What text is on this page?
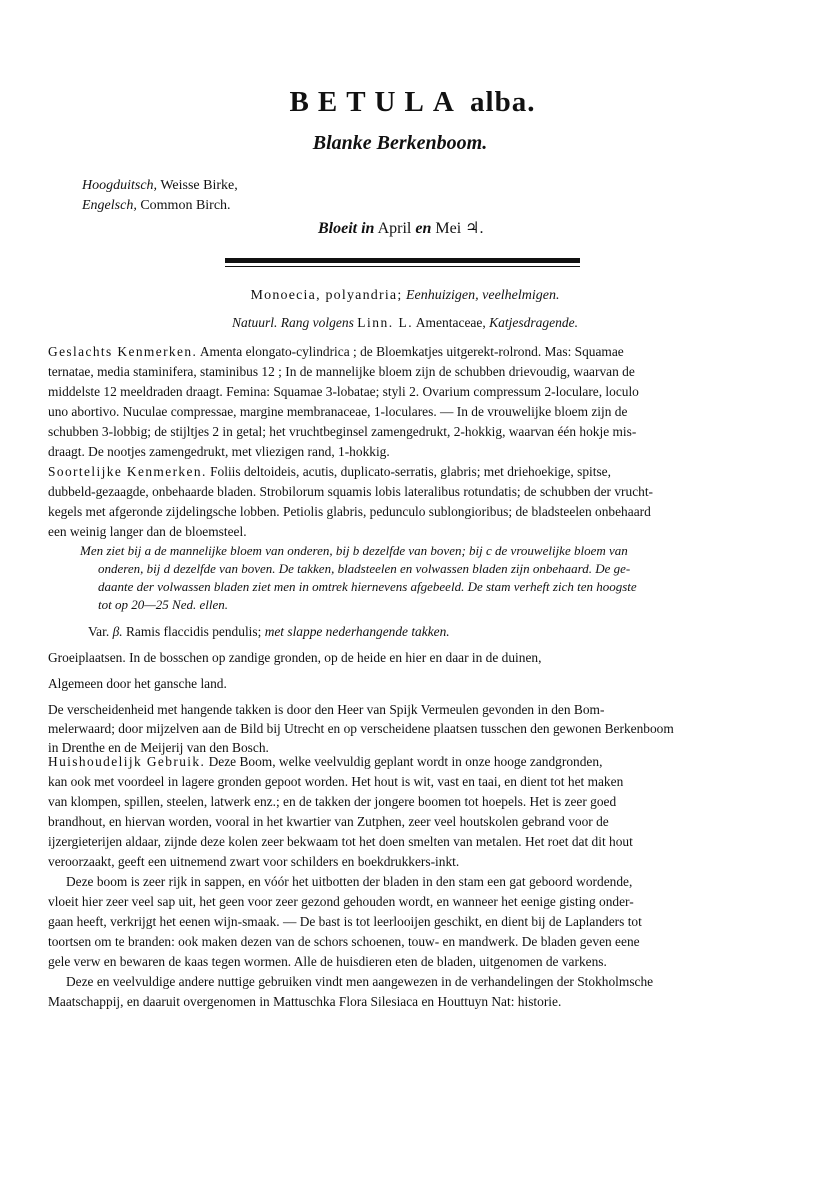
BETULA alba.
Blanke Berkenboom.
Hoogduitsch, Weisse Birke,
Engelsch, Common Birch.
Bloeit in April en Mei ♃.
Monoecia, polyandria; Eenhuizigen, veelhelmigen.
Natuurl. Rang volgens Linn. L. Amentaceae, Katjesdragende.
Geslachts Kenmerken. Amenta elongato-cylindrica ; de Bloemkatjes uitgerekt-rolrond. Mas: Squamae
ternatae, media staminifera, staminibus 12 ; In de mannelijke bloem zijn de schubben drievoudig, waarvan de
middelste 12 meeldraden draagt. Femina: Squamae 3-lobatae; styli 2. Ovarium compressum 2-loculare, loculo
uno abortivo. Nuculae compressae, margine membranaceae, 1-loculares. — In de vrouwelijke bloem zijn de
schubben 3-lobbig; de stijltjes 2 in getal; het vruchtbeginsel zamengedrukt, 2-hokkig, waarvan één hokje mis-
draagt. De nootjes zamengedrukt, met vliezigen rand, 1-hokkig.
Soortelijke Kenmerken. Foliis deltoideis, acutis, duplicato-serratis, glabris; met driehoekige, spitse,
dubbeld-gezaagde, onbehaarde bladen. Strobilorum squamis lobis lateralibus rotundatis; de schubben der vrucht-
kegels met afgeronde zijdelingsche lobben. Petiolis glabris, pedunculo sublongioribus; de bladsteelen onbehaard
een weinig langer dan de bloemsteel.
Men ziet bij a de mannelijke bloem van onderen, bij b dezelfde van boven; bij c de vrouwelijke bloem van
onderen, bij d dezelfde van boven. De takken, bladsteelen en volwassen bladen zijn onbehaard. De ge-
daante der volwassen bladen ziet men in omtrek hiernevens afgebeeld. De stam verheft zich ten hoogste
tot op 20—25 Ned. ellen.
Var. β. Ramis flaccidis pendulis; met slappe nederhangende takken.
Groeiplaatsen. In de bosschen op zandige gronden, op de heide en hier en daar in de duinen,
Algemeen door het gansche land.
De verscheidenheid met hangende takken is door den Heer van Spijk Vermeulen gevonden in den Bom-
melerwaard; door mijzelven aan de Bild bij Utrecht en op verscheidene plaatsen tusschen den gewonen Berkenboom
in Drenthe en de Meijerij van den Bosch.
Huishoudelijk Gebruik. Deze Boom, welke veelvuldig geplant wordt in onze hooge zandgronden,
kan ook met voordeel in lagere gronden gepoot worden. Het hout is wit, vast en taai, en dient tot het maken
van klompen, spillen, steelen, latwerk enz.; en de takken der jongere boomen tot hoepels. Het is zeer goed
brandhout, en hiervan worden, vooral in het kwartier van Zutphen, zeer veel houtskolen gebrand voor de
ijzergieterijen aldaar, zijnde deze kolen zeer bekwaam tot het doen smelten van metalen. Het roet dat dit hout
veroorzaakt, geeft een uitnemend zwart voor schilders en boekdrukkers-inkt.
Deze boom is zeer rijk in sappen, en vóór het uitbotten der bladen in den stam een gat geboord wordende,
vloeit hier zeer veel sap uit, het geen voor zeer gezond gehouden wordt, en wanneer het eenige gisting onder-
gaan heeft, verkrijgt het eenen wijn-smaak. — De bast is tot leerlooijen geschikt, en dient bij de Laplanders tot
toortsen om te branden: ook maken dezen van de schors schoenen, touw- en mandwerk. De bladen geven eene
gele verw en bewaren de kaas tegen wormen. Alle de huisdieren eten de bladen, uitgenomen de varkens.
Deze en veelvuldige andere nuttige gebruiken vindt men aangewezen in de verhandelingen der Stokholmsche
Maatschappij, en daaruit overgenomen in Mattuschka Flora Silesiaca en Houttuyn Nat: historie.
